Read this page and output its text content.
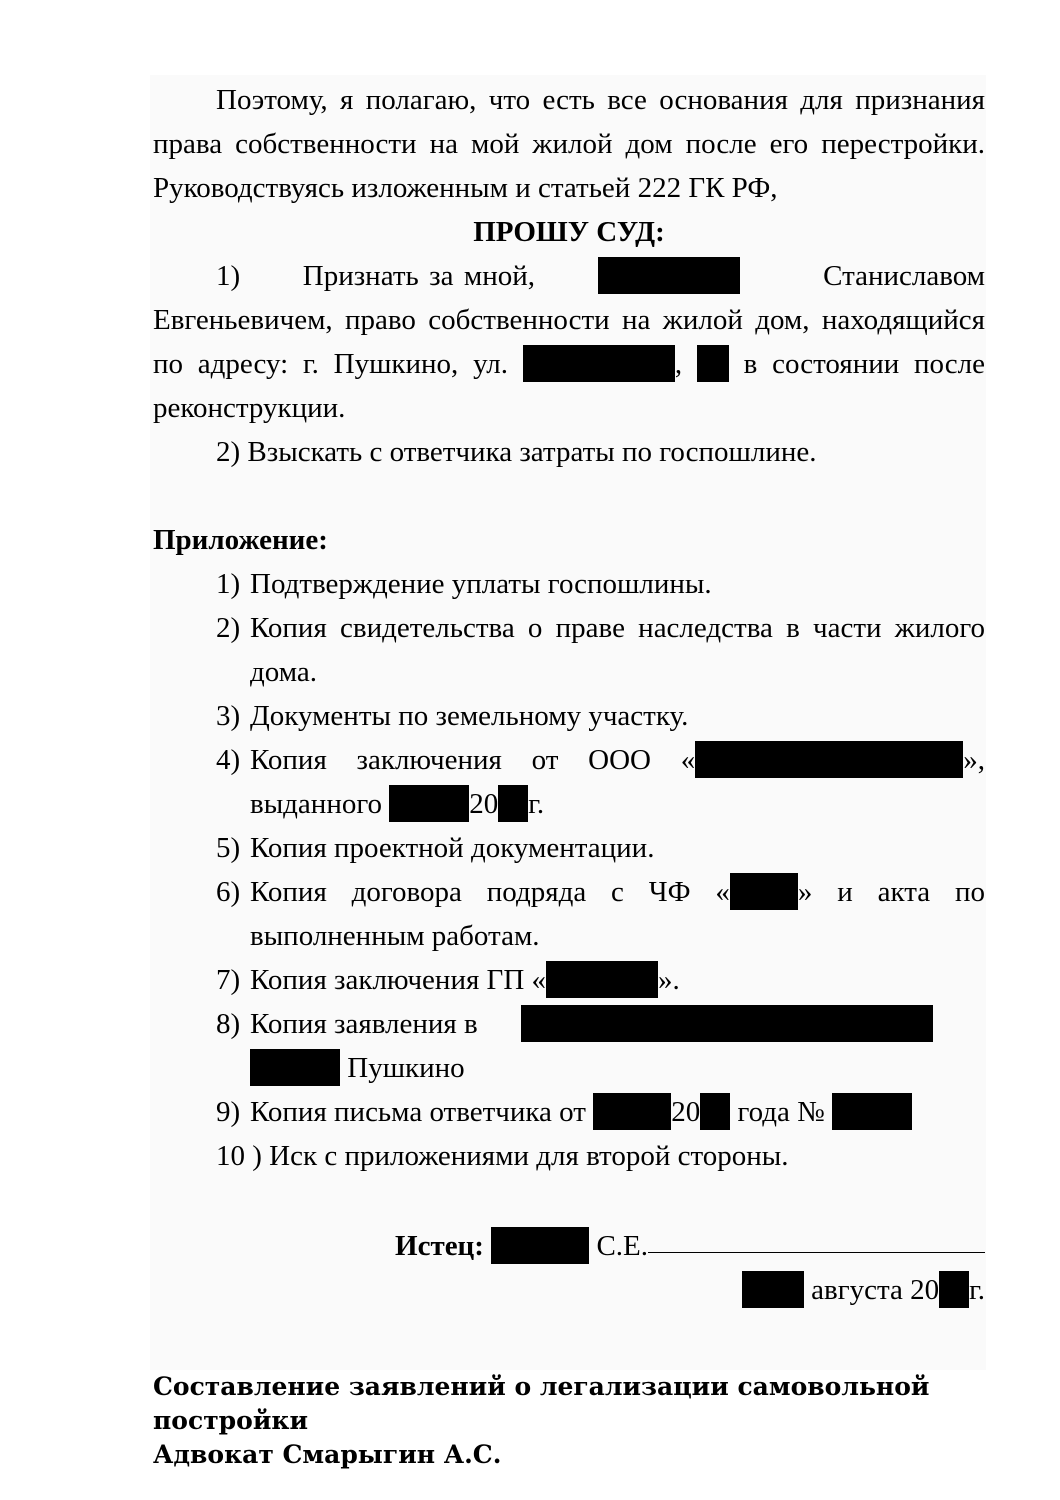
Поэтому, я полагаю, что есть все основания для признания права собственности на мой жилой дом после его перестройки. Руководствуясь изложенным и статьей 222 ГК РФ,

ПРОШУ СУД:

1) Признать за мной,	Станиславом Евгеньевичем, право собственности на жилой дом, находящийся по адресу: г. Пушкино, ул.	, в состоянии после реконструкции.

2) Взыскать с ответчика затраты по госпошлине.

Приложение:

1) Подтверждение уплаты госпошлины.

2) Копия свидетельства о праве наследства в части жилого дома.

3) Документы по земельному участку.

4) Копия заключения от ООО «	», выданного	20 г.

5) Копия проектной документации.

6) Копия договора подряда с ЧФ « » и акта по выполненным работам.

7) Копия заключения ГП «	».

8) Копия заявления в
Пушкино

9) Копия письма ответчика от	20 года №

10 ) Иск с приложениями для второй стороны.

Истец:	С.Е.

августа 20 г.

Составление заявлений о легализации самовольной постройки
Адвокат Смарыгин А.С.
